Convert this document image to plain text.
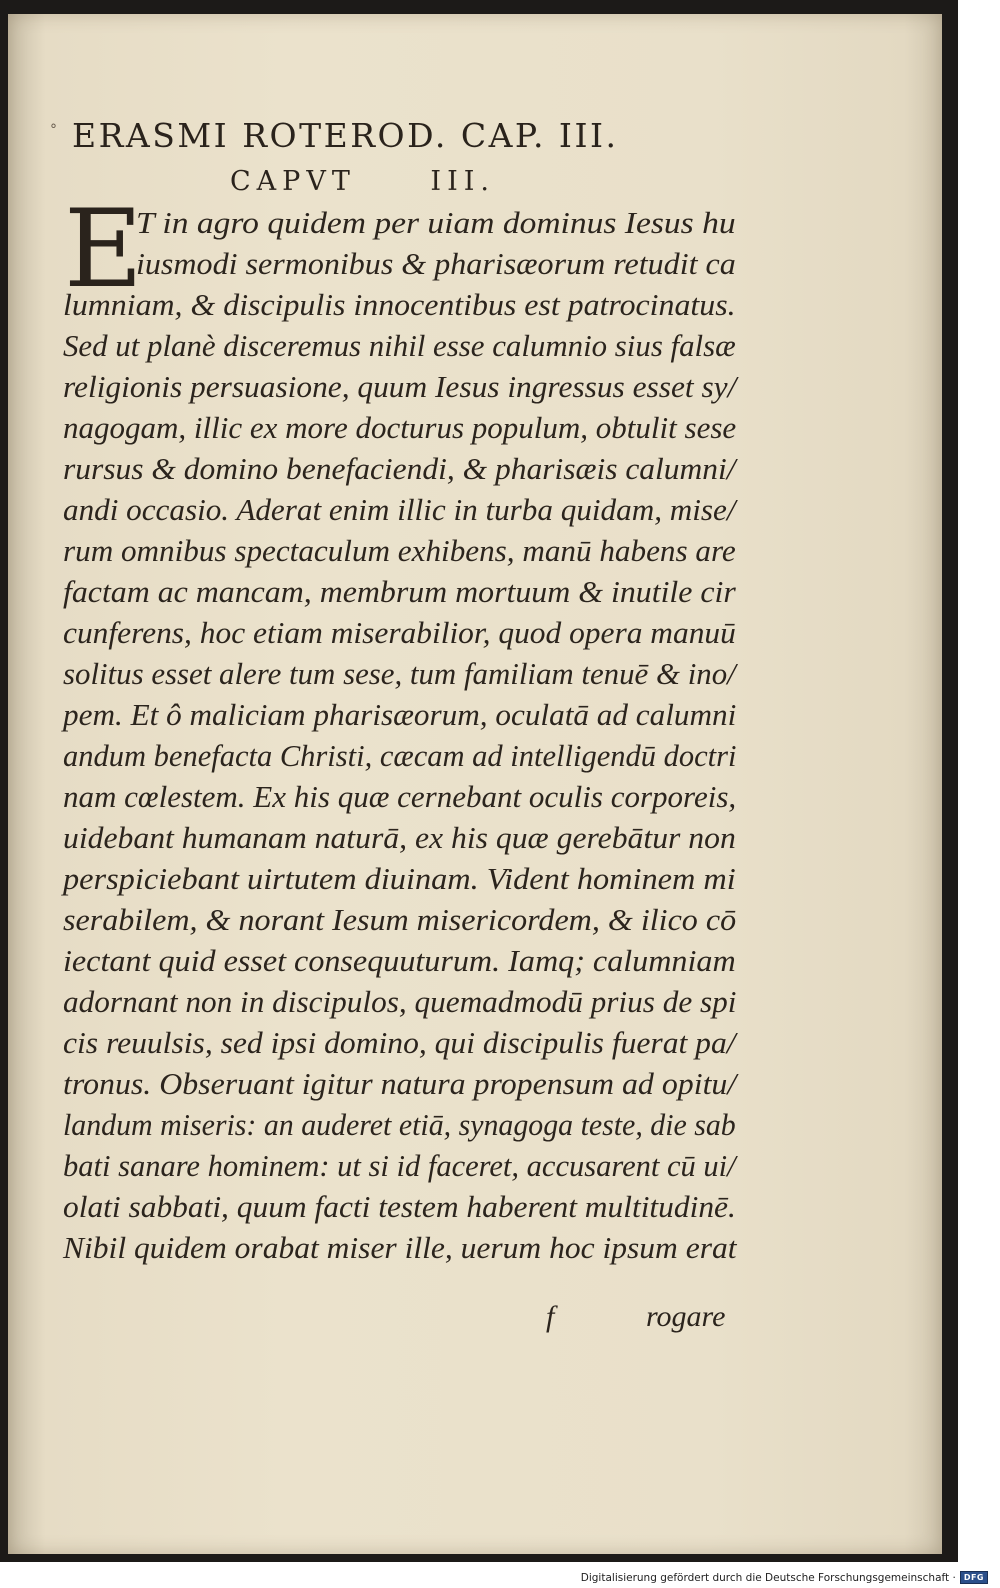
° ERASMI ROTEROD. CAP. III.
CAPVT III.
E
T in agro quidem per uiam dominus Iesus hu
iusmodi sermonibus & pharisæorum retudit ca
lumniam, & discipulis innocentibus est patrocinatus.
Sed ut planè disceremus nihil esse calumnio sius falsæ
religionis persuasione, quum Iesus ingressus esset sy/
nagogam, illic ex more docturus populum, obtulit sese
rursus & domino benefaciendi, & pharisæis calumni/
andi occasio. Aderat enim illic in turba quidam, mise/
rum omnibus spectaculum exhibens, manū habens are
factam ac mancam, membrum mortuum & inutile cir
cunferens, hoc etiam miserabilior, quod opera manuū
solitus esset alere tum sese, tum familiam tenuē & ino/
pem. Et ô maliciam pharisæorum, oculatā ad calumni
andum benefacta Christi, cæcam ad intelligendū doctri
nam cœlestem. Ex his quæ cernebant oculis corporeis,
uidebant humanam naturā, ex his quæ gerebātur non
perspiciebant uirtutem diuinam. Vident hominem mi
serabilem, & norant Iesum misericordem, & ilico cō
iectant quid esset consequuturum. Iamq; calumniam
adornant non in discipulos, quemadmodū prius de spi
cis reuulsis, sed ipsi domino, qui discipulis fuerat pa/
tronus. Obseruant igitur natura propensum ad opitu/
landum miseris: an auderet etiā, synagoga teste, die sab
bati sanare hominem: ut si id faceret, accusarent cū ui/
olati sabbati, quum facti testem haberent multitudinē.
Nibil quidem orabat miser ille, uerum hoc ipsum erat
f	rogare
Digitalisierung gefördert durch die Deutsche Forschungsgemeinschaft ·	DFG
